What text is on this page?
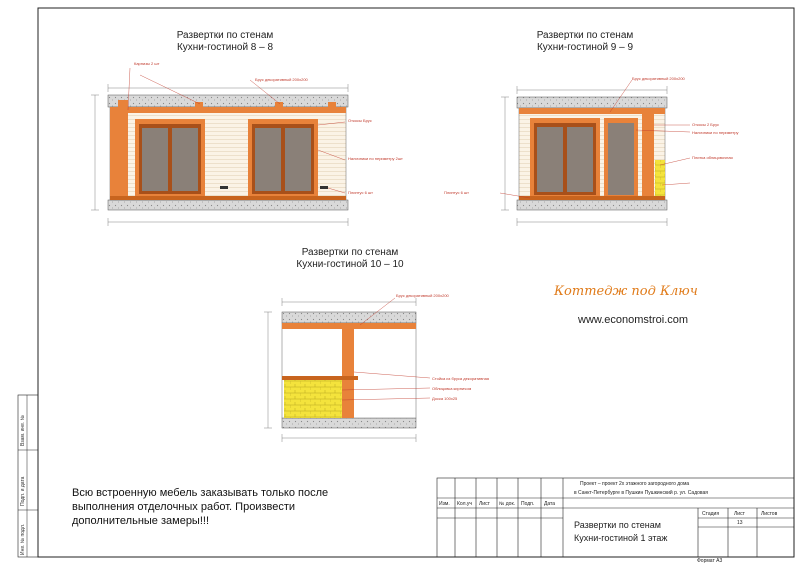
Развертки по стенам
Кухни-гостиной 8 – 8
Развертки по стенам
Кухни-гостиной 9 – 9
Развертки по стенам
Кухни-гостиной 10 – 10
Карнизы 2 шт
Брус декоративный 200х200
Откосы Брус
Наличники по периметру 2шт
Плинтус 6 шт
Брус декоративный 200х200
Откосы 2 Брус
Наличники по периметру
Плитка облицовочная
Плинтус 6 шт
Брус декоративный 200х200
Стойка из бруса декоративная
Облицовка кирпичом
Доска 100х25
Коттедж под Ключ
www.economstroi.com
Всю встроенную мебель заказывать только после выполнения отделочных работ. Произвести дополнительные замеры!!!
Проект – проект 2х этажного загородного дома
в Санкт-Петербурге в Пушкин Пушкинский р. ул. Садовая
Изм. Кол.уч Лист № док. Подп. Дата
Развертки по стенам
Кухни-гостиной 1 этаж
Стадия	Лист	Листов
13
Формат А3
Взам. инв. №
Подп. и дата
Инв. № подл.
